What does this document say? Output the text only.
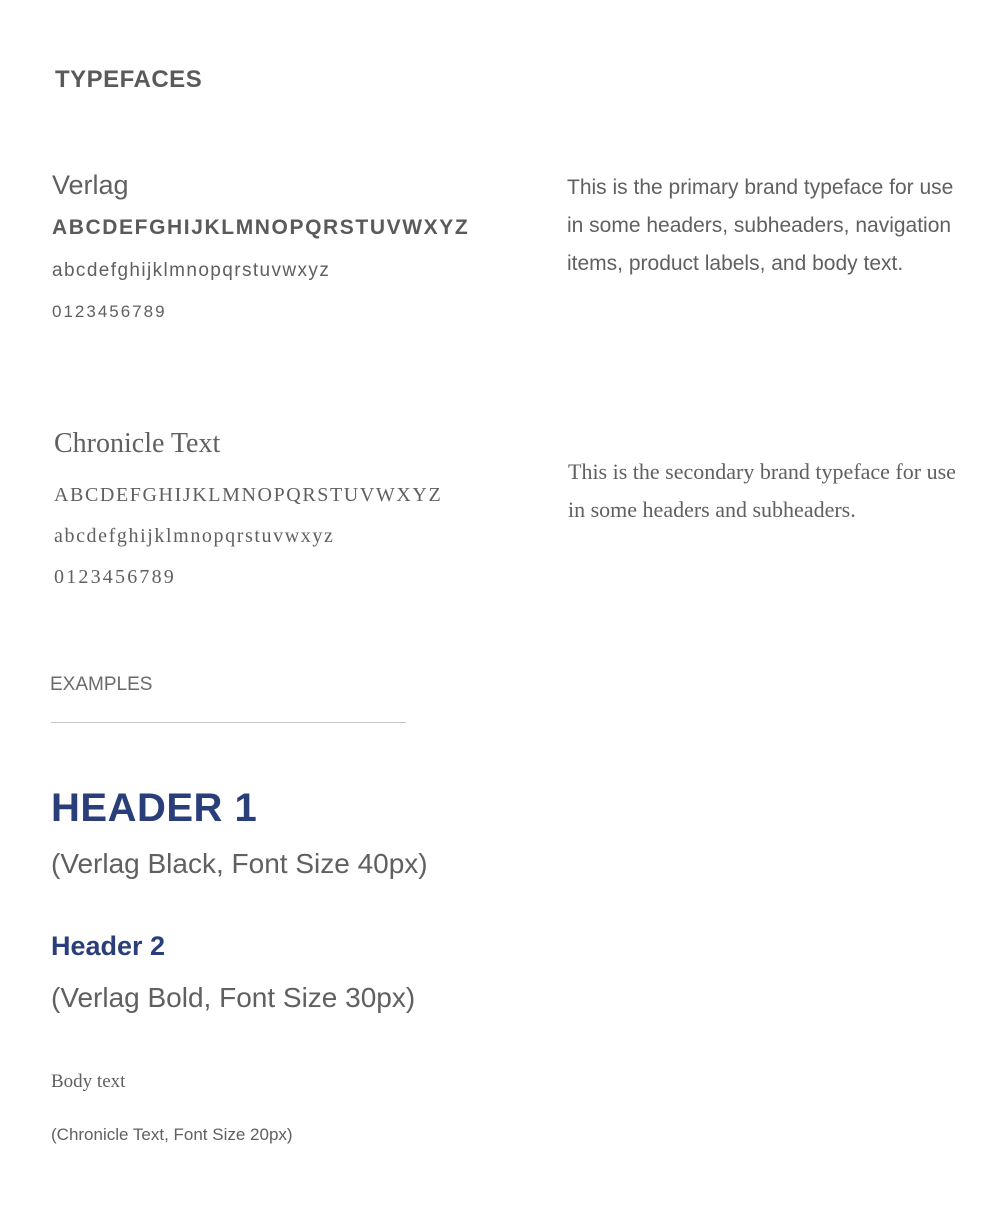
TYPEFACES
Verlag
ABCDEFGHIJKLMNOPQRSTUVWXYZ
abcdefghijklmnopqrstuvwxyz
0123456789
This is the primary brand typeface for use in some headers, subheaders, navigation items, product labels, and body text.
Chronicle Text
ABCDEFGHIJKLMNOPQRSTUVWXYZ
abcdefghijklmnopqrstuvwxyz
0123456789
This is the secondary brand typeface for use in some headers and subheaders.
EXAMPLES
HEADER 1
(Verlag Black, Font Size 40px)
Header 2
(Verlag Bold, Font Size 30px)
Body text
(Chronicle Text, Font Size 20px)
